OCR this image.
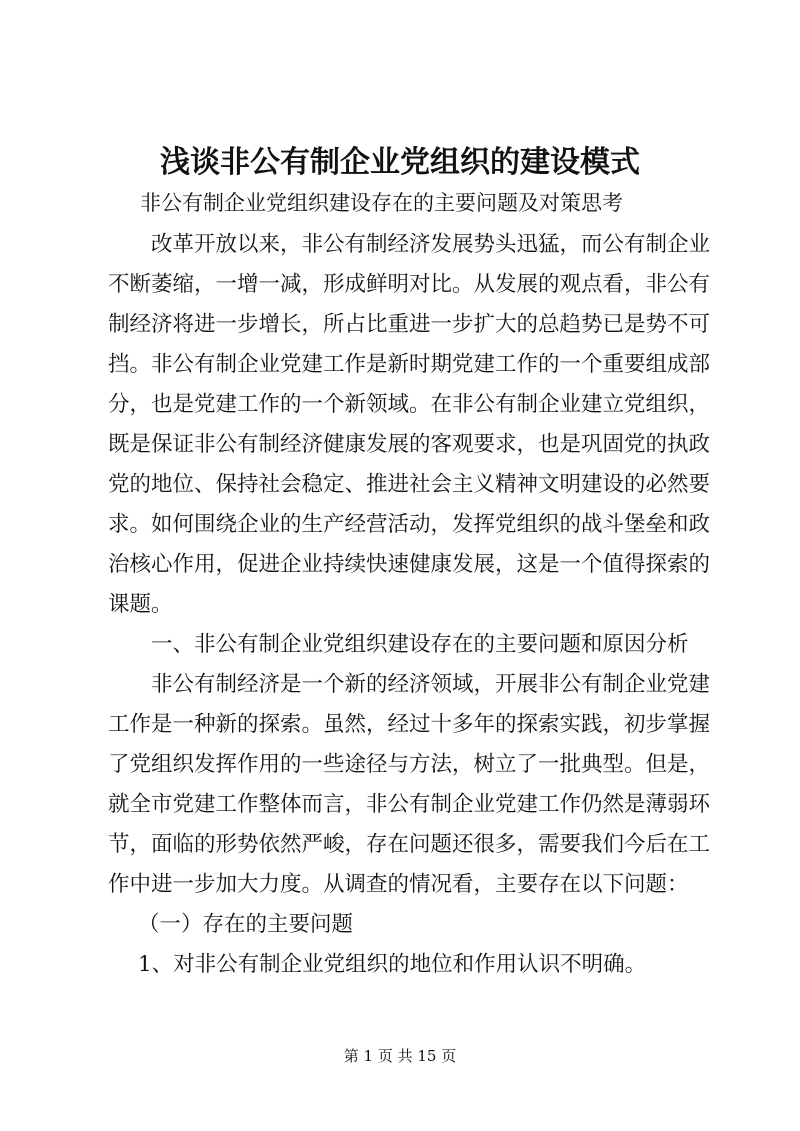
浅谈非公有制企业党组织的建设模式
非公有制企业党组织建设存在的主要问题及对策思考
改革开放以来，非公有制经济发展势头迅猛，而公有制企业
不断萎缩，一增一减，形成鲜明对比。从发展的观点看，非公有
制经济将进一步增长，所占比重进一步扩大的总趋势已是势不可
挡。非公有制企业党建工作是新时期党建工作的一个重要组成部
分，也是党建工作的一个新领域。在非公有制企业建立党组织，
既是保证非公有制经济健康发展的客观要求，也是巩固党的执政
党的地位、保持社会稳定、推进社会主义精神文明建设的必然要
求。如何围绕企业的生产经营活动，发挥党组织的战斗堡垒和政
治核心作用，促进企业持续快速健康发展，这是一个值得探索的
课题。
一、非公有制企业党组织建设存在的主要问题和原因分析
非公有制经济是一个新的经济领域，开展非公有制企业党建
工作是一种新的探索。虽然，经过十多年的探索实践，初步掌握
了党组织发挥作用的一些途径与方法，树立了一批典型。但是，
就全市党建工作整体而言，非公有制企业党建工作仍然是薄弱环
节，面临的形势依然严峻，存在问题还很多，需要我们今后在工
作中进一步加大力度。从调查的情况看，主要存在以下问题：
（一）存在的主要问题
1、对非公有制企业党组织的地位和作用认识不明确。
第 1 页 共 15 页
